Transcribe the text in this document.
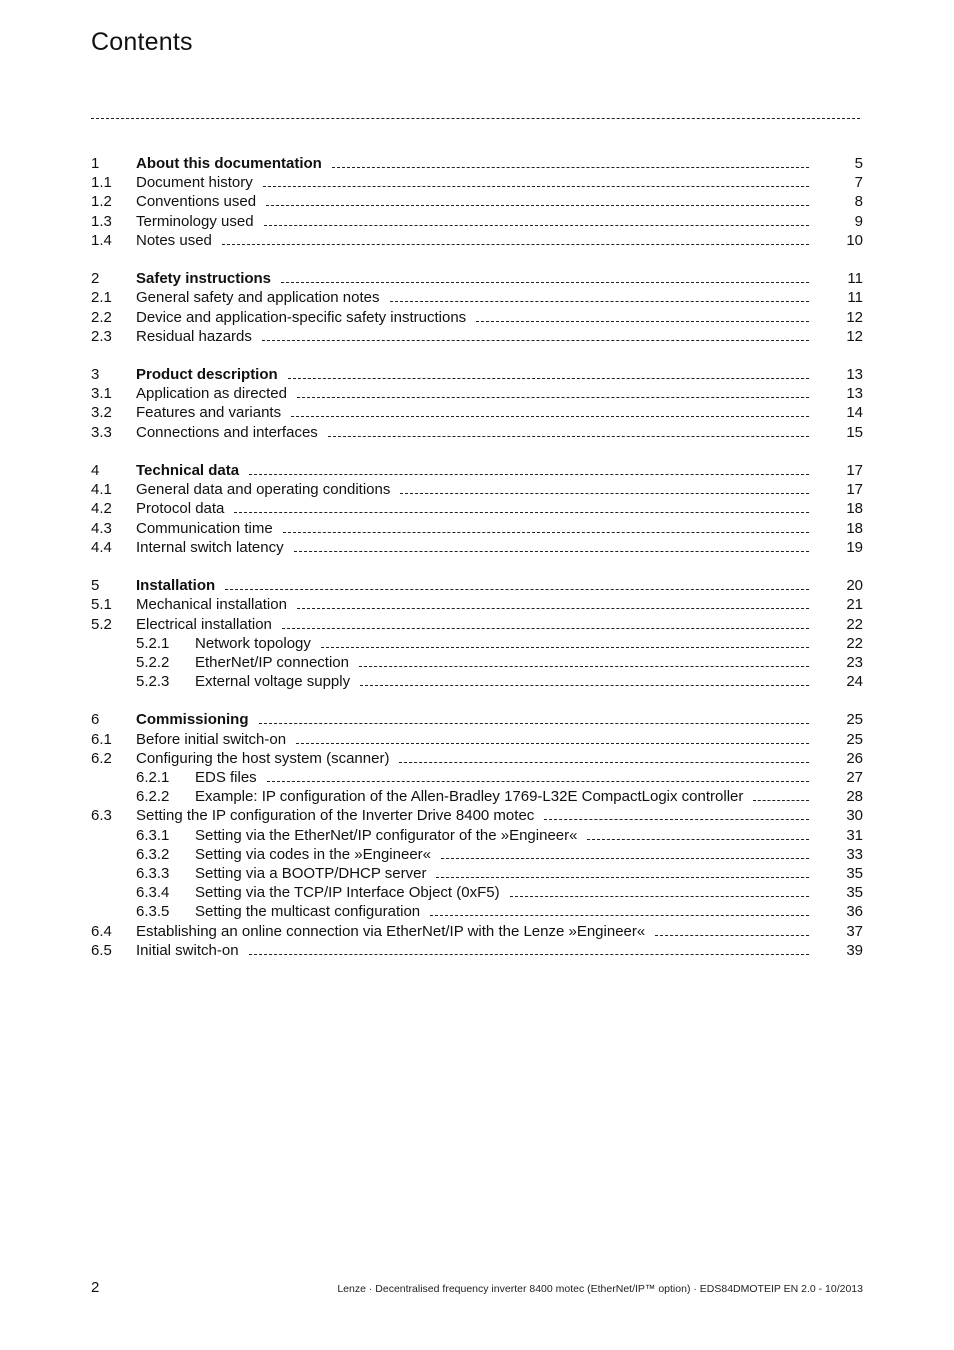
Contents
1 About this documentation	5
1.1 Document history	7
1.2 Conventions used	8
1.3 Terminology used	9
1.4 Notes used	10
2 Safety instructions	11
2.1 General safety and application notes	11
2.2 Device and application-specific safety instructions	12
2.3 Residual hazards	12
3 Product description	13
3.1 Application as directed	13
3.2 Features and variants	14
3.3 Connections and interfaces	15
4 Technical data	17
4.1 General data and operating conditions	17
4.2 Protocol data	18
4.3 Communication time	18
4.4 Internal switch latency	19
5 Installation	20
5.1 Mechanical installation	21
5.2 Electrical installation	22
5.2.1 Network topology	22
5.2.2 EtherNet/IP connection	23
5.2.3 External voltage supply	24
6 Commissioning	25
6.1 Before initial switch-on	25
6.2 Configuring the host system (scanner)	26
6.2.1 EDS files	27
6.2.2 Example: IP configuration of the Allen-Bradley 1769-L32E CompactLogix controller	28
6.3 Setting the IP configuration of the Inverter Drive 8400 motec	30
6.3.1 Setting via the EtherNet/IP configurator of the »Engineer«	31
6.3.2 Setting via codes in the »Engineer«	33
6.3.3 Setting via a BOOTP/DHCP server	35
6.3.4 Setting via the TCP/IP Interface Object (0xF5)	35
6.3.5 Setting the multicast configuration	36
6.4 Establishing an online connection via EtherNet/IP with the Lenze »Engineer«	37
6.5 Initial switch-on	39
2	Lenze · Decentralised frequency inverter 8400 motec (EtherNet/IP™ option) · EDS84DMOTEIP EN 2.0 - 10/2013
